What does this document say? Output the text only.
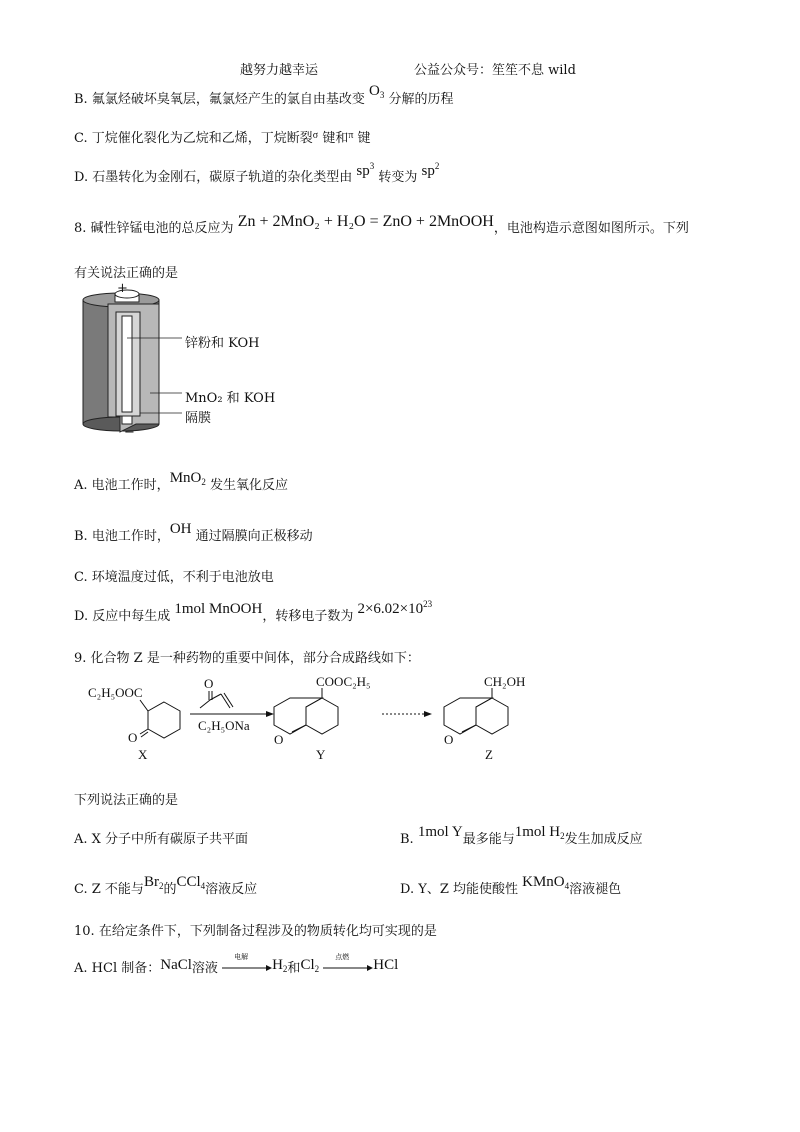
越努力越幸运	公益公众号：笙笙不息 wild
B. 氟氯烃破坏臭氧层，氟氯烃产生的氯自由基改变 $O_3$ 分解的历程
C. 丁烷催化裂化为乙烷和乙烯，丁烷断裂$^\sigma$ 键和$^\pi$ 键
D. 石墨转化为金刚石，碳原子轨道的杂化类型由 $sp^3$ 转变为 $sp^2$
8. 碱性锌锰电池的总反应为 Zn + 2MnO₂ + H₂O = ZnO + 2MnOOH，电池构造示意图如图所示。下列
有关说法正确的是
+
−
锌粉和 KOH
MnO₂ 和 KOH
隔膜
A. 电池工作时，MnO$_2$ 发生氧化反应
B. 电池工作时，OH 通过隔膜向正极移动
C. 环境温度过低，不利于电池放电
D. 反应中每生成 1mol MnOOH，转移电子数为 $2\times 6.02\times 10^{23}$
9. 化合物 Z 是一种药物的重要中间体，部分合成路线如下：
C₂H₅OOC
O
X
O
C₂H₅ONa
COOC₂H₅
O
Y
CH₂OH
O
Z
下列说法正确的是
A. X 分子中所有碳原子共平面	B. 1mol Y最多能与1mol $H_2$发生加成反应
C. Z 不能与$Br_2$的CCl$_4$溶液反应	D. Y、Z 均能使酸性 KMnO$_4$溶液褪色
10. 在给定条件下，下列制备过程涉及的物质转化均可实现的是
A. HCl 制备：NaCl溶液
电解
$H_2$和$Cl_2$
点燃
HCl
